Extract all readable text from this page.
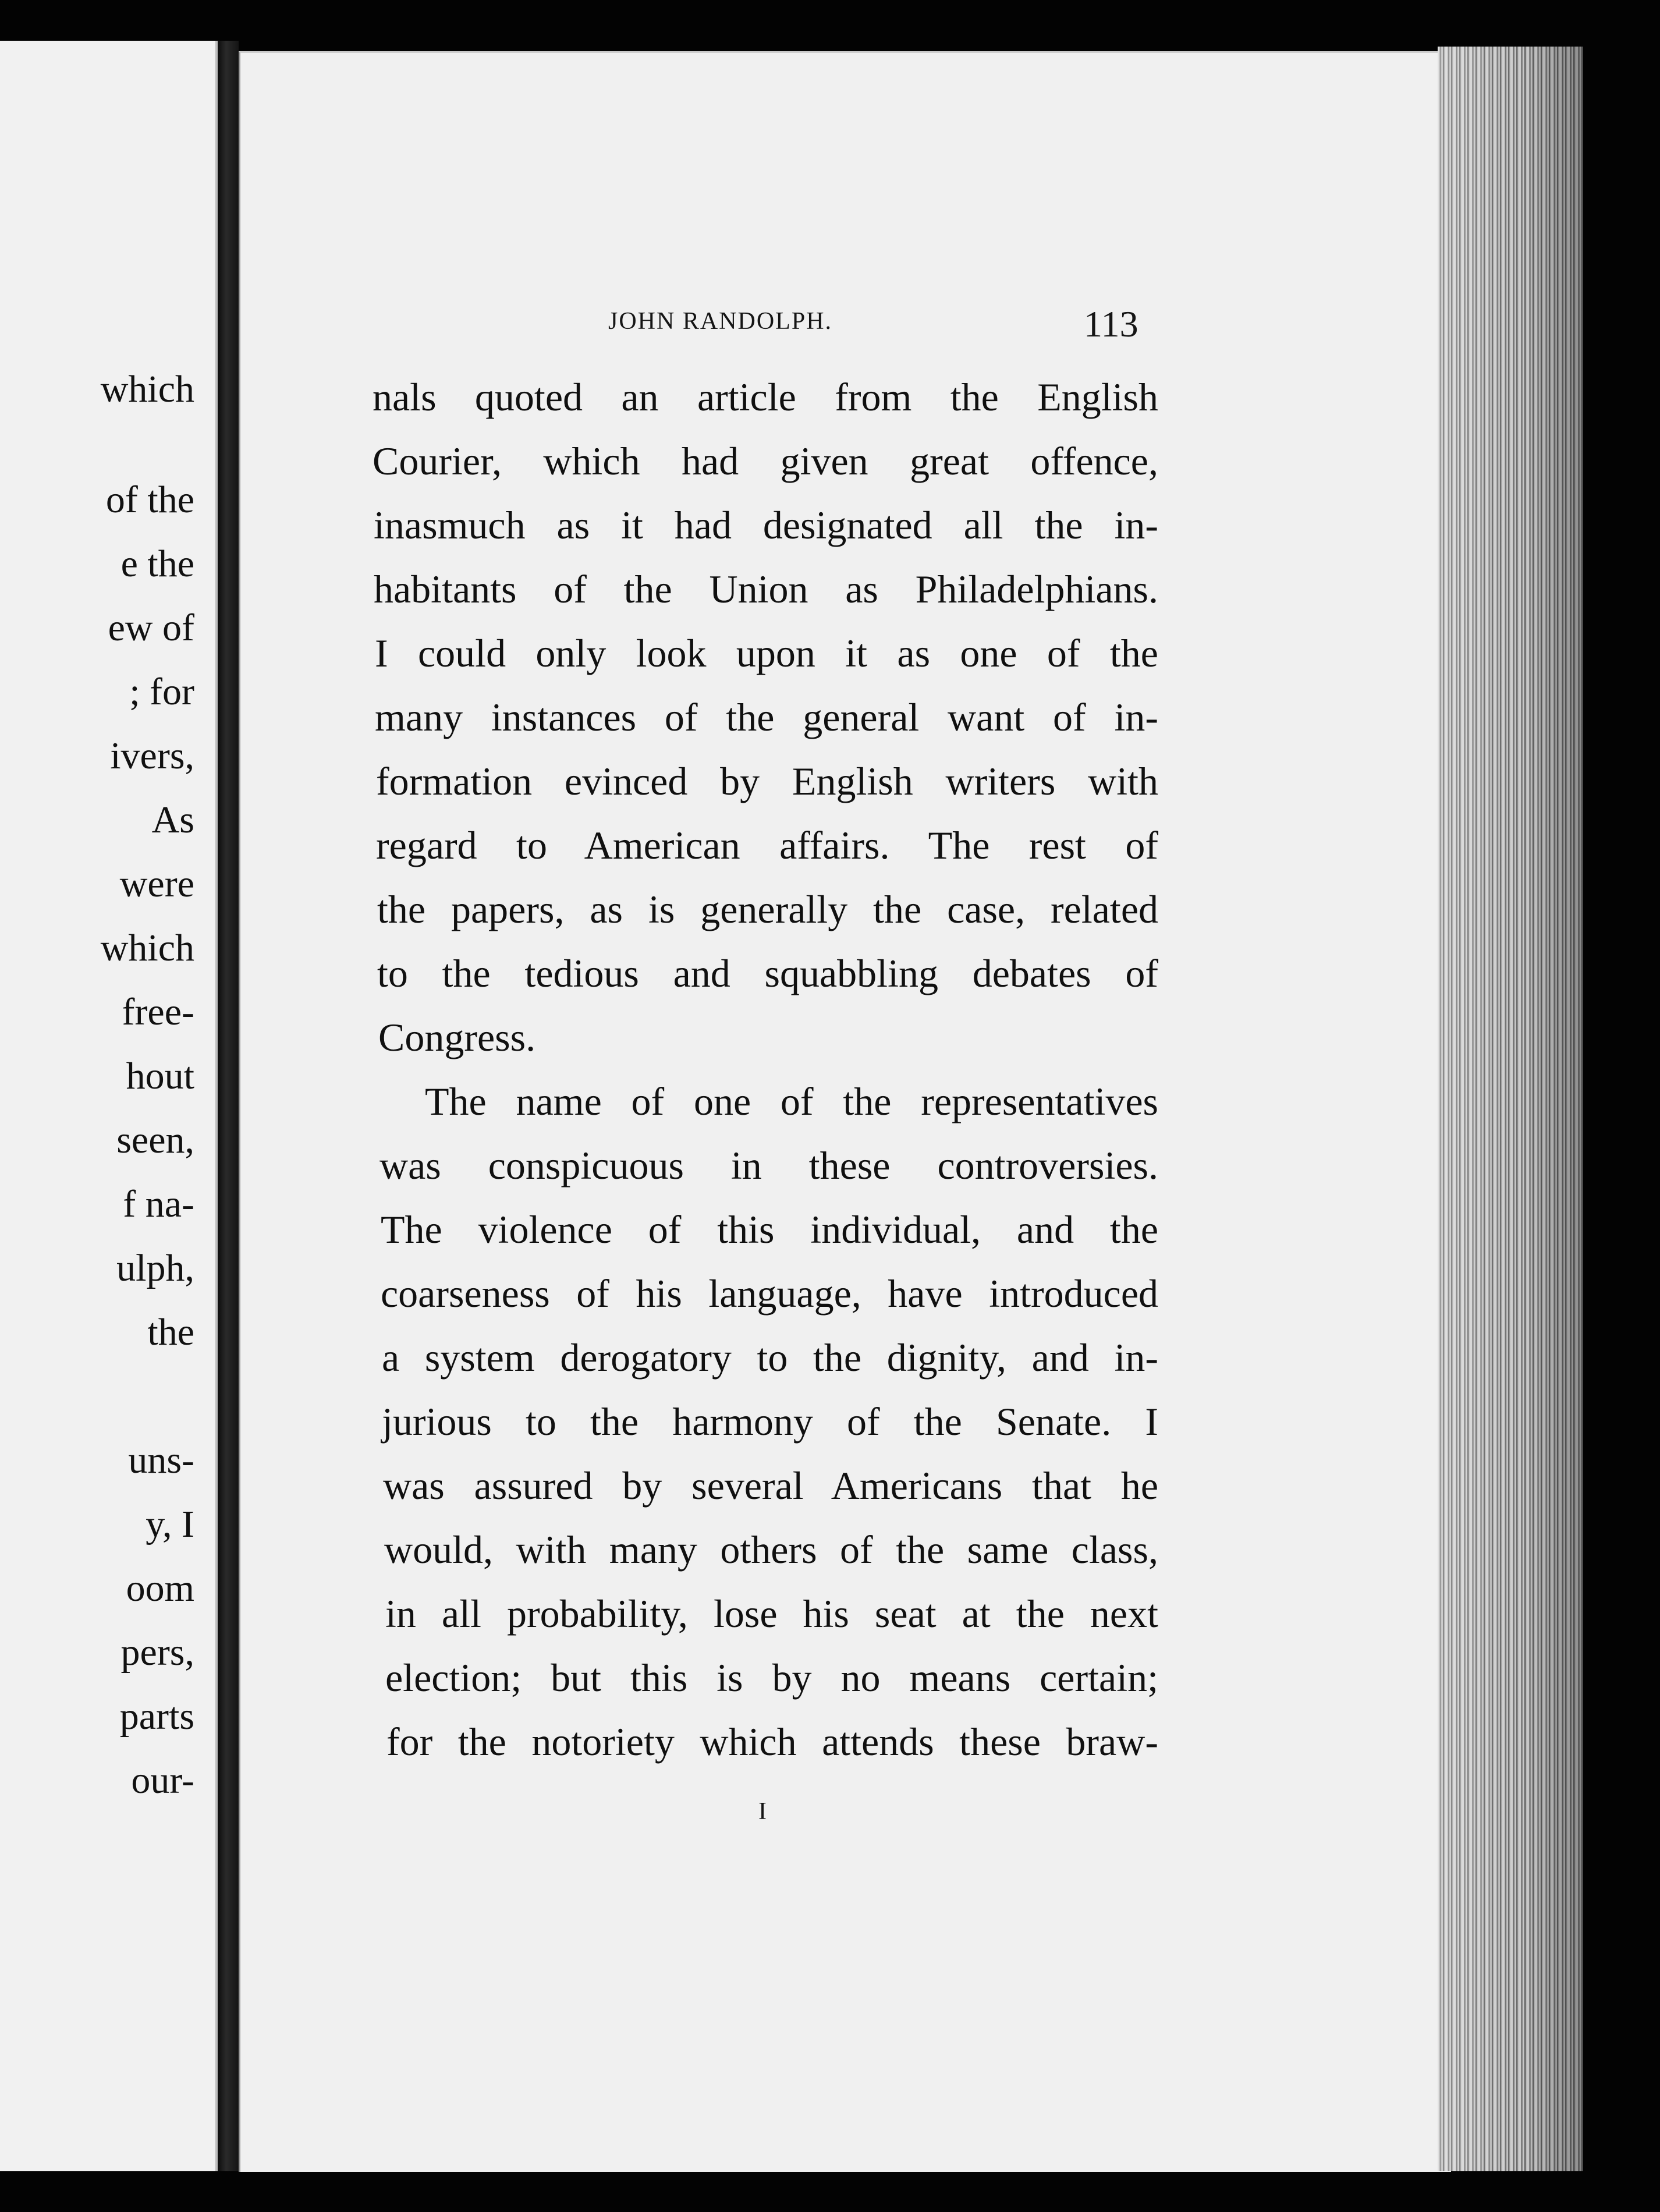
which
of the
e the
ew of
; for
ivers,
As
were
which
free-
hout
seen,
f na-
ulph,
the
uns-
y, I
oom
pers,
parts
our-
JOHN RANDOLPH.	113
nals quoted an article from the English
Courier, which had given great offence,
inasmuch as it had designated all the in-
habitants of the Union as Philadelphians.
I could only look upon it as one of the
many instances of the general want of in-
formation evinced by English writers with
regard to American affairs. The rest of
the papers, as is generally the case, related
to the tedious and squabbling debates of
Congress.
The name of one of the representatives
was conspicuous in these controversies.
The violence of this individual, and the
coarseness of his language, have introduced
a system derogatory to the dignity, and in-
jurious to the harmony of the Senate. I
was assured by several Americans that he
would, with many others of the same class,
in all probability, lose his seat at the next
election; but this is by no means certain;
for the notoriety which attends these braw-
I
